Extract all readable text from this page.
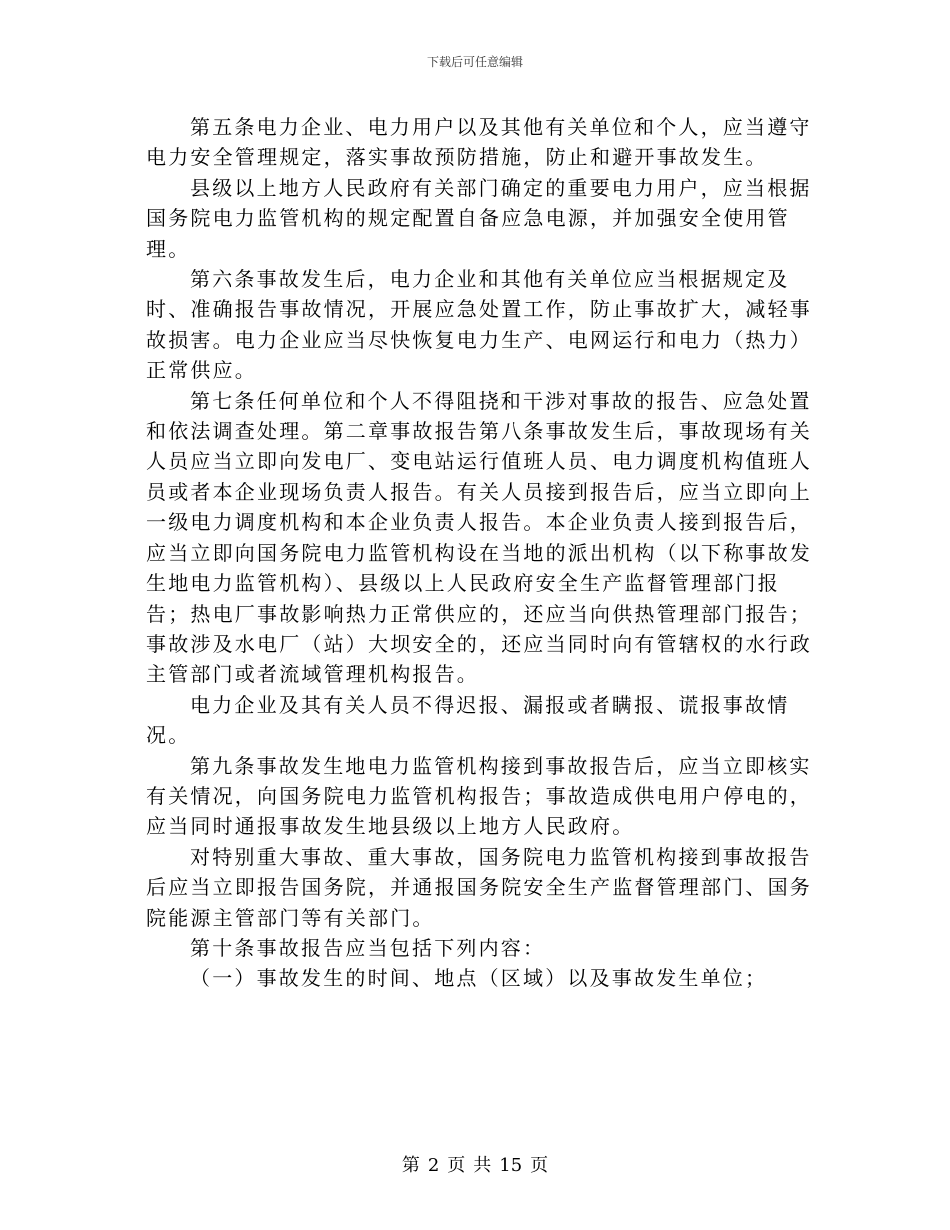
下载后可任意编辑

第五条电力企业、电力用户以及其他有关单位和个人，应当遵守电力安全管理规定，落实事故预防措施，防止和避开事故发生。

县级以上地方人民政府有关部门确定的重要电力用户，应当根据国务院电力监管机构的规定配置自备应急电源，并加强安全使用管理。

第六条事故发生后，电力企业和其他有关单位应当根据规定及时、准确报告事故情况，开展应急处置工作，防止事故扩大，减轻事故损害。电力企业应当尽快恢复电力生产、电网运行和电力（热力）正常供应。

第七条任何单位和个人不得阻挠和干涉对事故的报告、应急处置和依法调查处理。第二章事故报告第八条事故发生后，事故现场有关人员应当立即向发电厂、变电站运行值班人员、电力调度机构值班人员或者本企业现场负责人报告。有关人员接到报告后，应当立即向上一级电力调度机构和本企业负责人报告。本企业负责人接到报告后，应当立即向国务院电力监管机构设在当地的派出机构（以下称事故发生地电力监管机构）、县级以上人民政府安全生产监督管理部门报告；热电厂事故影响热力正常供应的，还应当向供热管理部门报告；事故涉及水电厂（站）大坝安全的，还应当同时向有管辖权的水行政主管部门或者流域管理机构报告。

电力企业及其有关人员不得迟报、漏报或者瞒报、谎报事故情况。

第九条事故发生地电力监管机构接到事故报告后，应当立即核实有关情况，向国务院电力监管机构报告；事故造成供电用户停电的，应当同时通报事故发生地县级以上地方人民政府。

对特别重大事故、重大事故，国务院电力监管机构接到事故报告后应当立即报告国务院，并通报国务院安全生产监督管理部门、国务院能源主管部门等有关部门。

第十条事故报告应当包括下列内容：

（一）事故发生的时间、地点（区域）以及事故发生单位；

第 2 页 共 15 页
